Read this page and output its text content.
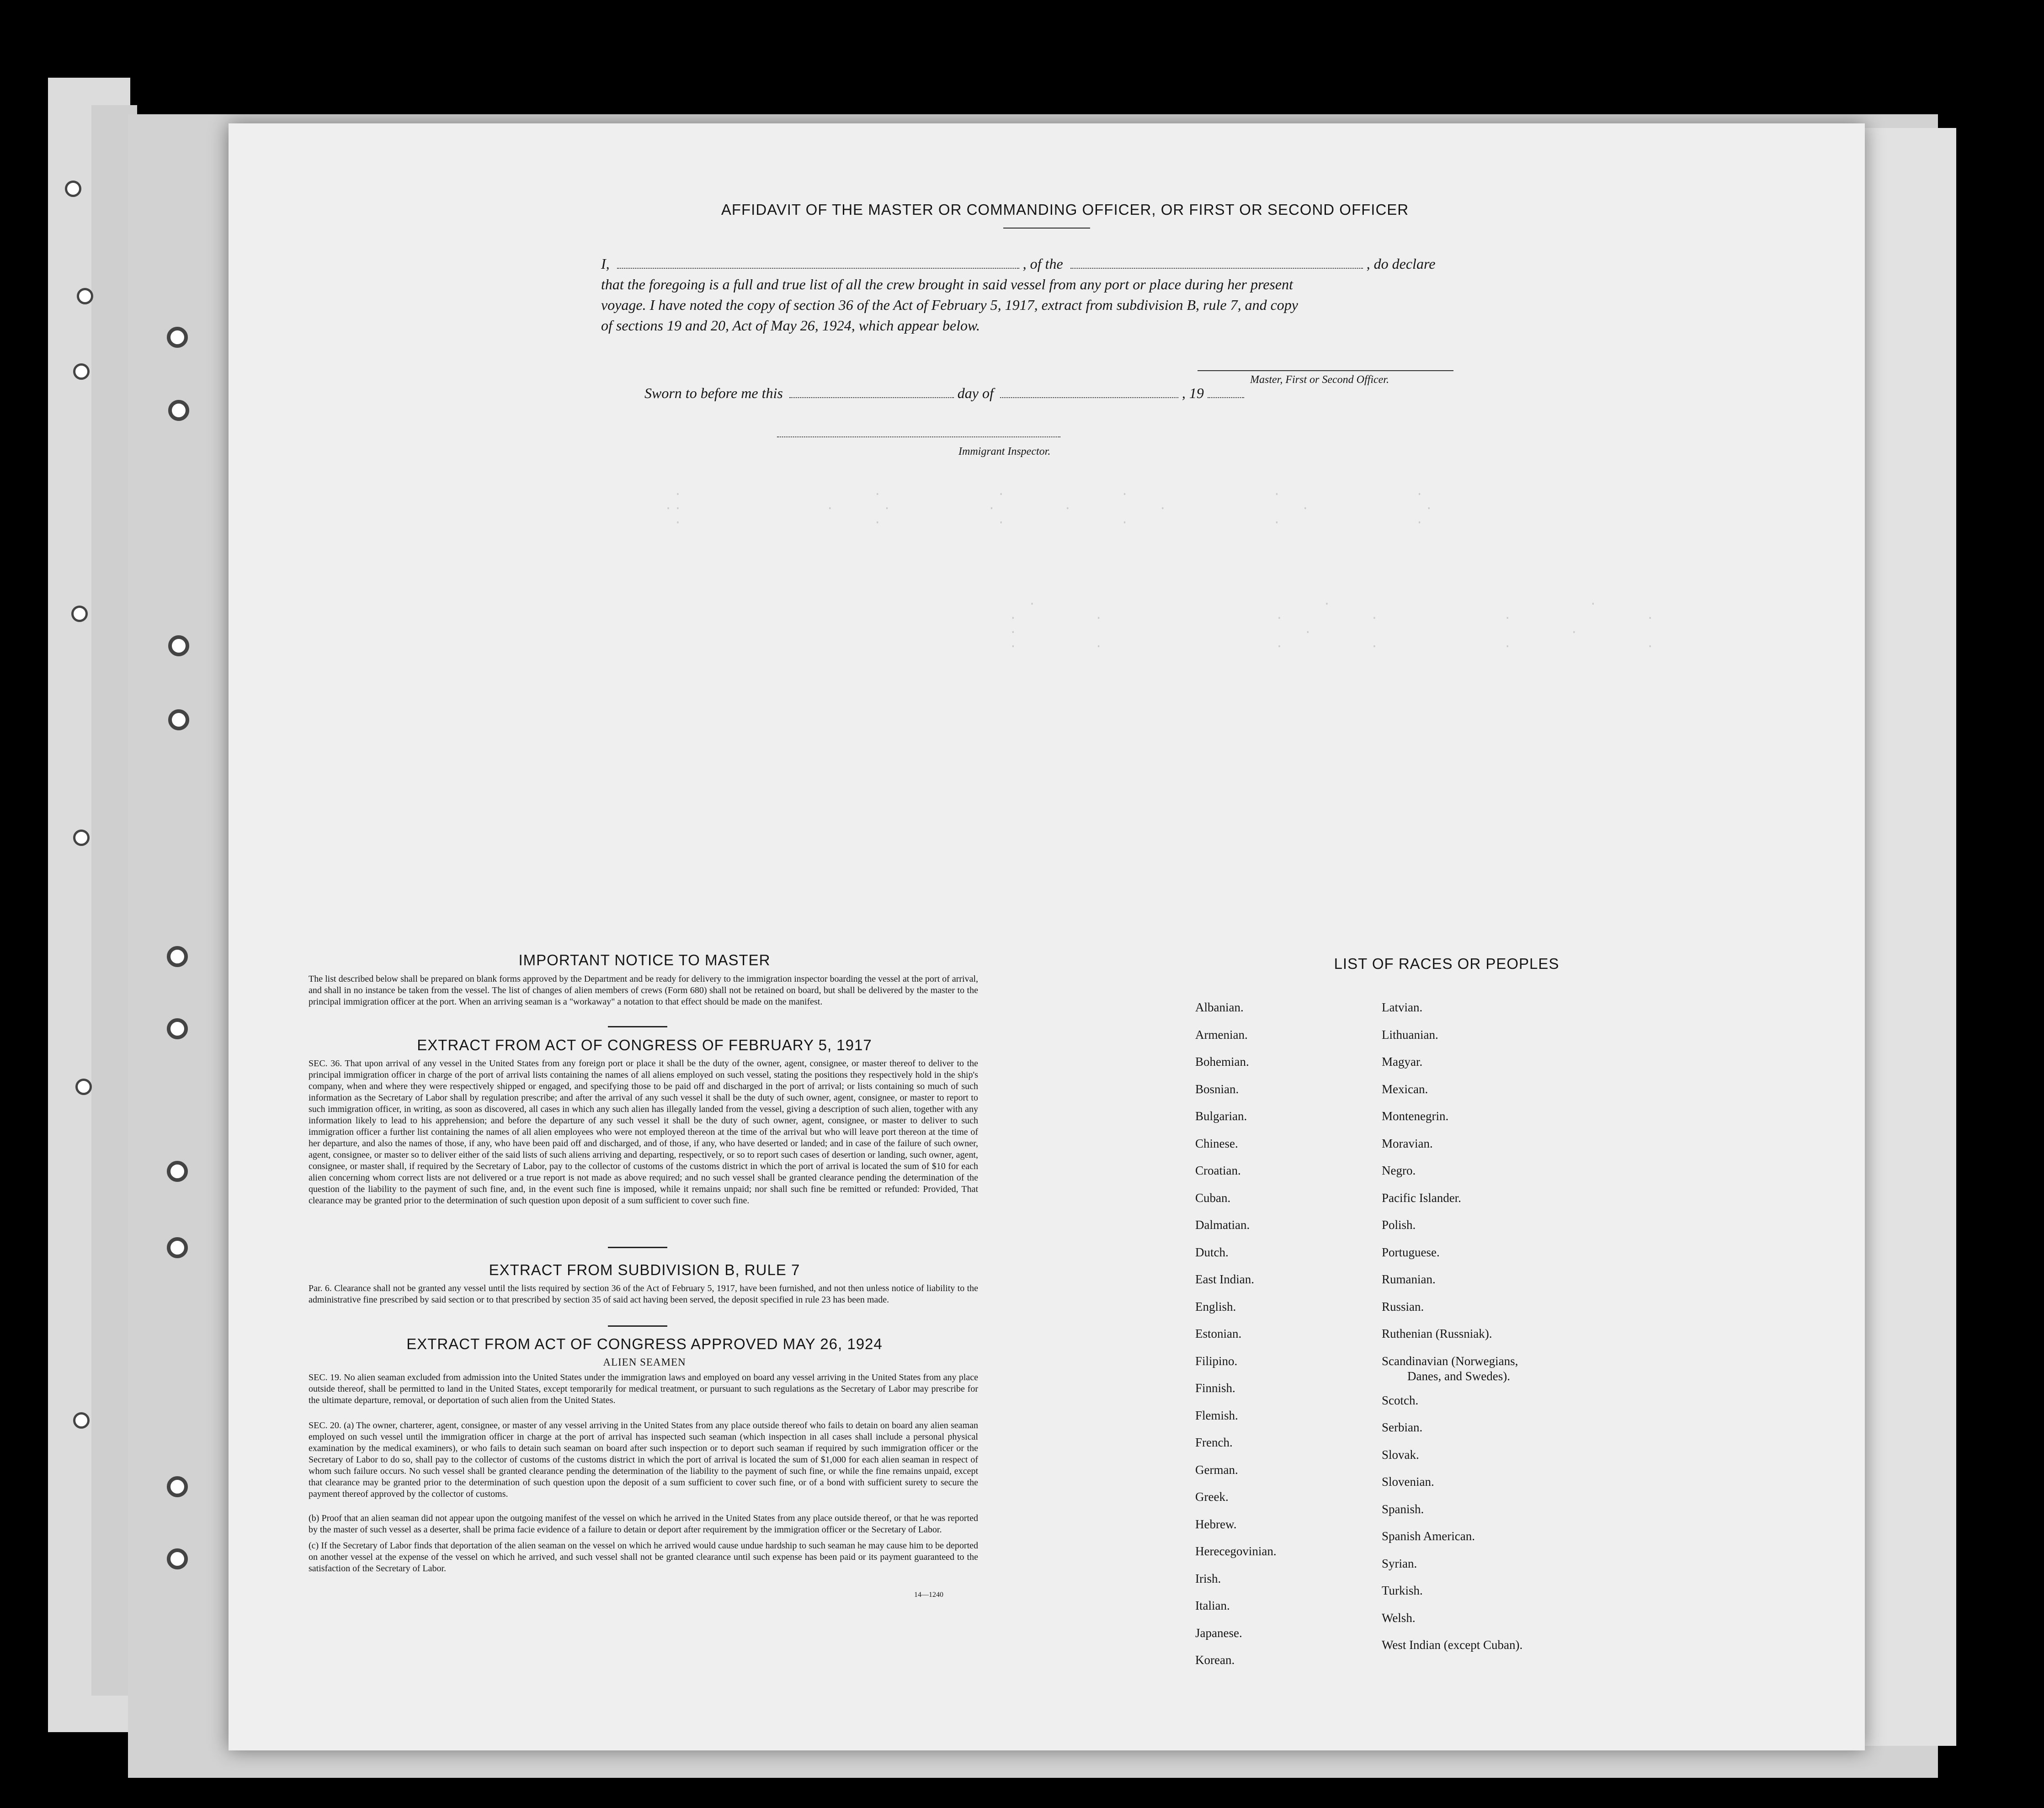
.                    .            .            .               .              .
..               .     .          .       .         .              .            .
.                    .            .            .               .              .

.                              .                           .
.        .                  .         .             .              .
.                              .                           .
.        .                  .         .             .              .

AFFIDAVIT OF THE MASTER OR COMMANDING OFFICER, OR FIRST OR SECOND OFFICER
I,	, of the	, do declare
that the foregoing is a full and true list of all the crew brought in said vessel from any port or place during her present
voyage. I have noted the copy of section 36 of the Act of February 5, 1917, extract from subdivision B, rule 7, and copy
of sections 19 and 20, Act of May 26, 1924, which appear below.
Master, First or Second Officer.
Sworn to before me this	day of	, 19
Immigrant Inspector.
IMPORTANT NOTICE TO MASTER
The list described below shall be prepared on blank forms approved by the Department and be ready for delivery to the immigration inspector boarding the vessel at the port of arrival, and shall in no instance be taken from the vessel. The list of changes of alien members of crews (Form 680) shall not be retained on board, but shall be delivered by the master to the principal immigration officer at the port. When an arriving seaman is a "workaway" a notation to that effect should be made on the manifest.
EXTRACT FROM ACT OF CONGRESS OF FEBRUARY 5, 1917
SEC. 36. That upon arrival of any vessel in the United States from any foreign port or place it shall be the duty of the owner, agent, consignee, or master thereof to deliver to the principal immigration officer in charge of the port of arrival lists containing the names of all aliens employed on such vessel, stating the positions they respectively hold in the ship's company, when and where they were respectively shipped or engaged, and specifying those to be paid off and discharged in the port of arrival; or lists containing so much of such information as the Secretary of Labor shall by regulation prescribe; and after the arrival of any such vessel it shall be the duty of such owner, agent, consignee, or master to report to such immigration officer, in writing, as soon as discovered, all cases in which any such alien has illegally landed from the vessel, giving a description of such alien, together with any information likely to lead to his apprehension; and before the departure of any such vessel it shall be the duty of such owner, agent, consignee, or master to deliver to such immigration officer a further list containing the names of all alien employees who were not employed thereon at the time of the arrival but who will leave port thereon at the time of her departure, and also the names of those, if any, who have been paid off and discharged, and of those, if any, who have deserted or landed; and in case of the failure of such owner, agent, consignee, or master so to deliver either of the said lists of such aliens arriving and departing, respectively, or so to report such cases of desertion or landing, such owner, agent, consignee, or master shall, if required by the Secretary of Labor, pay to the collector of customs of the customs district in which the port of arrival is located the sum of $10 for each alien concerning whom correct lists are not delivered or a true report is not made as above required; and no such vessel shall be granted clearance pending the determination of the question of the liability to the payment of such fine, and, in the event such fine is imposed, while it remains unpaid; nor shall such fine be remitted or refunded: Provided, That clearance may be granted prior to the determination of such question upon deposit of a sum sufficient to cover such fine.
EXTRACT FROM SUBDIVISION B, RULE 7
Par. 6. Clearance shall not be granted any vessel until the lists required by section 36 of the Act of February 5, 1917, have been furnished, and not then unless notice of liability to the administrative fine prescribed by said section or to that prescribed by section 35 of said act having been served, the deposit specified in rule 23 has been made.
EXTRACT FROM ACT OF CONGRESS APPROVED MAY 26, 1924
ALIEN SEAMEN
SEC. 19. No alien seaman excluded from admission into the United States under the immigration laws and employed on board any vessel arriving in the United States from any place outside thereof, shall be permitted to land in the United States, except temporarily for medical treatment, or pursuant to such regulations as the Secretary of Labor may prescribe for the ultimate departure, removal, or deportation of such alien from the United States.
SEC. 20. (a) The owner, charterer, agent, consignee, or master of any vessel arriving in the United States from any place outside thereof who fails to detain on board any alien seaman employed on such vessel until the immigration officer in charge at the port of arrival has inspected such seaman (which inspection in all cases shall include a personal physical examination by the medical examiners), or who fails to detain such seaman on board after such inspection or to deport such seaman if required by such immigration officer or the Secretary of Labor to do so, shall pay to the collector of customs of the customs district in which the port of arrival is located the sum of $1,000 for each alien seaman in respect of whom such failure occurs. No such vessel shall be granted clearance pending the determination of the liability to the payment of such fine, or while the fine remains unpaid, except that clearance may be granted prior to the determination of such question upon the deposit of a sum sufficient to cover such fine, or of a bond with sufficient surety to secure the payment thereof approved by the collector of customs.
(b) Proof that an alien seaman did not appear upon the outgoing manifest of the vessel on which he arrived in the United States from any place outside thereof, or that he was reported by the master of such vessel as a deserter, shall be prima facie evidence of a failure to detain or deport after requirement by the immigration officer or the Secretary of Labor.
(c) If the Secretary of Labor finds that deportation of the alien seaman on the vessel on which he arrived would cause undue hardship to such seaman he may cause him to be deported on another vessel at the expense of the vessel on which he arrived, and such vessel shall not be granted clearance until such expense has been paid or its payment guaranteed to the satisfaction of the Secretary of Labor.
14—1240
LIST OF RACES OR PEOPLES
Albanian.
Armenian.
Bohemian.
Bosnian.
Bulgarian.
Chinese.
Croatian.
Cuban.
Dalmatian.
Dutch.
East Indian.
English.
Estonian.
Filipino.
Finnish.
Flemish.
French.
German.
Greek.
Hebrew.
Herecegovinian.
Irish.
Italian.
Japanese.
Korean.
Latvian.
Lithuanian.
Magyar.
Mexican.
Montenegrin.
Moravian.
Negro.
Pacific Islander.
Polish.
Portuguese.
Rumanian.
Russian.
Ruthenian (Russniak).
Scandinavian (Norwegians,
Danes, and Swedes).
Scotch.
Serbian.
Slovak.
Slovenian.
Spanish.
Spanish American.
Syrian.
Turkish.
Welsh.
West Indian (except Cuban).
